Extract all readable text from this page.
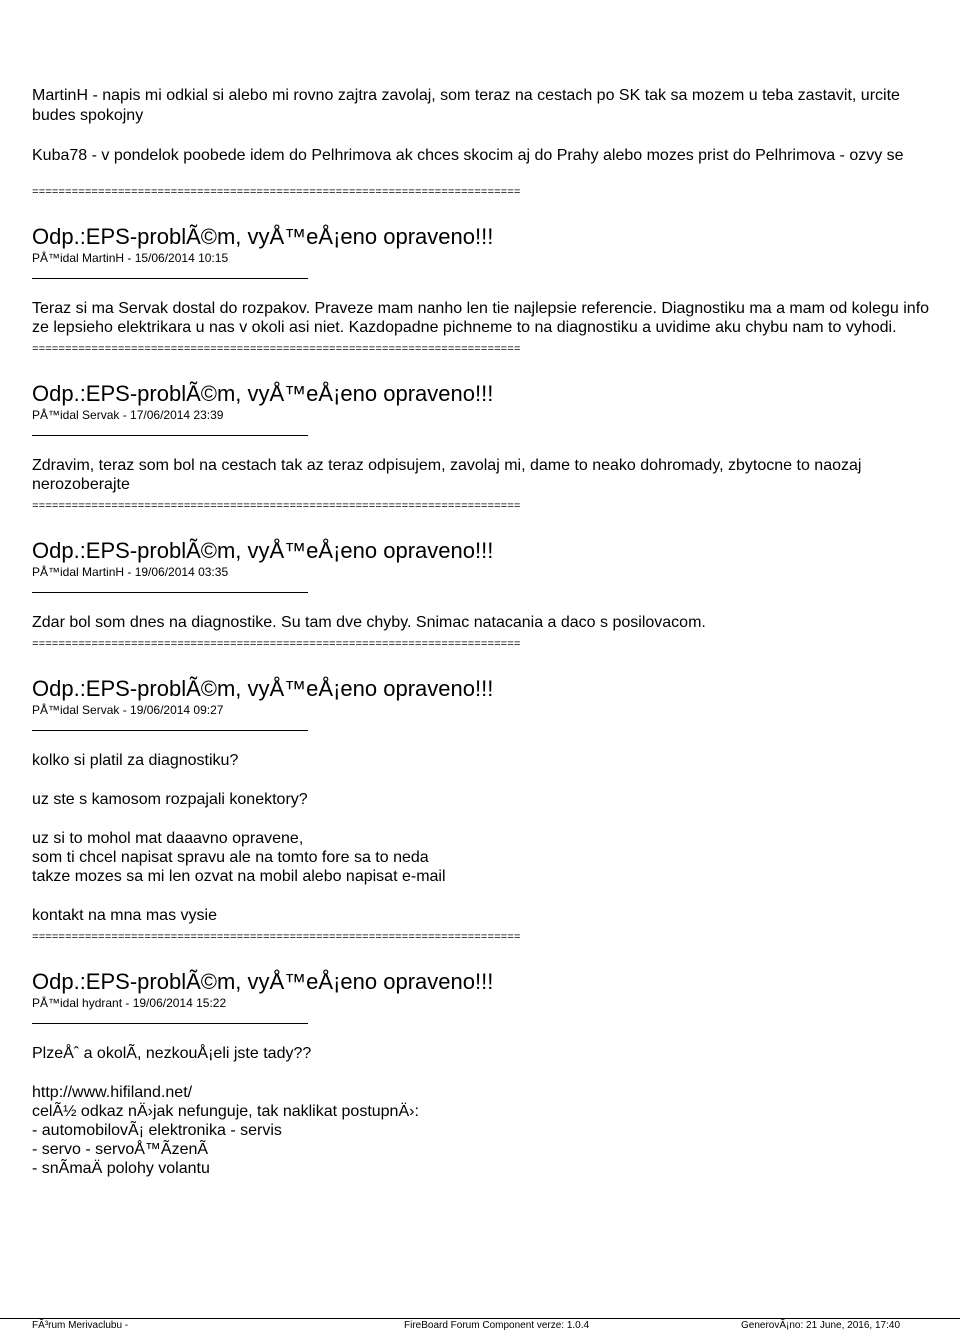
MartinH - napis mi odkial si alebo mi rovno zajtra zavolaj, som teraz na cestach po SK tak sa mozem u teba zastavit, urcite budes spokojny

Kuba78 - v pondelok poobede idem do Pelhrimova ak chces skocim aj do Prahy alebo mozes prist do Pelhrimova - ozvy se

==========================================================================
Odp.:EPS-problÃ©m, vyÅ™eÅ¡eno opraveno!!!
PÅ™idal MartinH - 15/06/2014 10:15

Teraz si ma Servak dostal do rozpakov. Praveze mam nanho len tie najlepsie referencie. Diagnostiku ma a mam od kolegu info ze lepsieho elektrikara u nas v okoli asi niet. Kazdopadne pichneme to na diagnostiku a uvidime aku chybu nam to vyhodi.

==========================================================================
Odp.:EPS-problÃ©m, vyÅ™eÅ¡eno opraveno!!!
PÅ™idal Servak - 17/06/2014 23:39

Zdravim, teraz som bol na cestach tak az teraz odpisujem, zavolaj mi, dame to neako dohromady, zbytocne to naozaj nerozoberajte

==========================================================================
Odp.:EPS-problÃ©m, vyÅ™eÅ¡eno opraveno!!!
PÅ™idal MartinH - 19/06/2014 03:35

Zdar bol som dnes na diagnostike. Su tam dve chyby. Snimac natacania a daco s posilovacom.

==========================================================================
Odp.:EPS-problÃ©m, vyÅ™eÅ¡eno opraveno!!!
PÅ™idal Servak - 19/06/2014 09:27

kolko si platil za diagnostiku?

uz ste s kamosom rozpajali konektory?

uz si to mohol mat daaavno opravene,
som ti chcel napisat spravu ale na tomto fore sa to neda
takze mozes sa mi len ozvat na mobil alebo napisat e-mail

kontakt na mna mas vysie

==========================================================================
Odp.:EPS-problÃ©m, vyÅ™eÅ¡eno opraveno!!!
PÅ™idal hydrant - 19/06/2014 15:22

PlzeÅˆ a okolÃ, nezkouÅ¡eli jste tady??

http://www.hifiland.net/
celÃ½ odkaz nÄ›jak nefunguje, tak naklikat postupnÄ›:
- automobilovÃ¡ elektronika - servis
- servo - servoÅ™ÃzenÃ
- snÃmaÄ polohy volantu

FÃ³rum Merivaclubu -	FireBoard Forum Component verze: 1.0.4	GenerovÃ¡no: 21 June, 2016, 17:40
